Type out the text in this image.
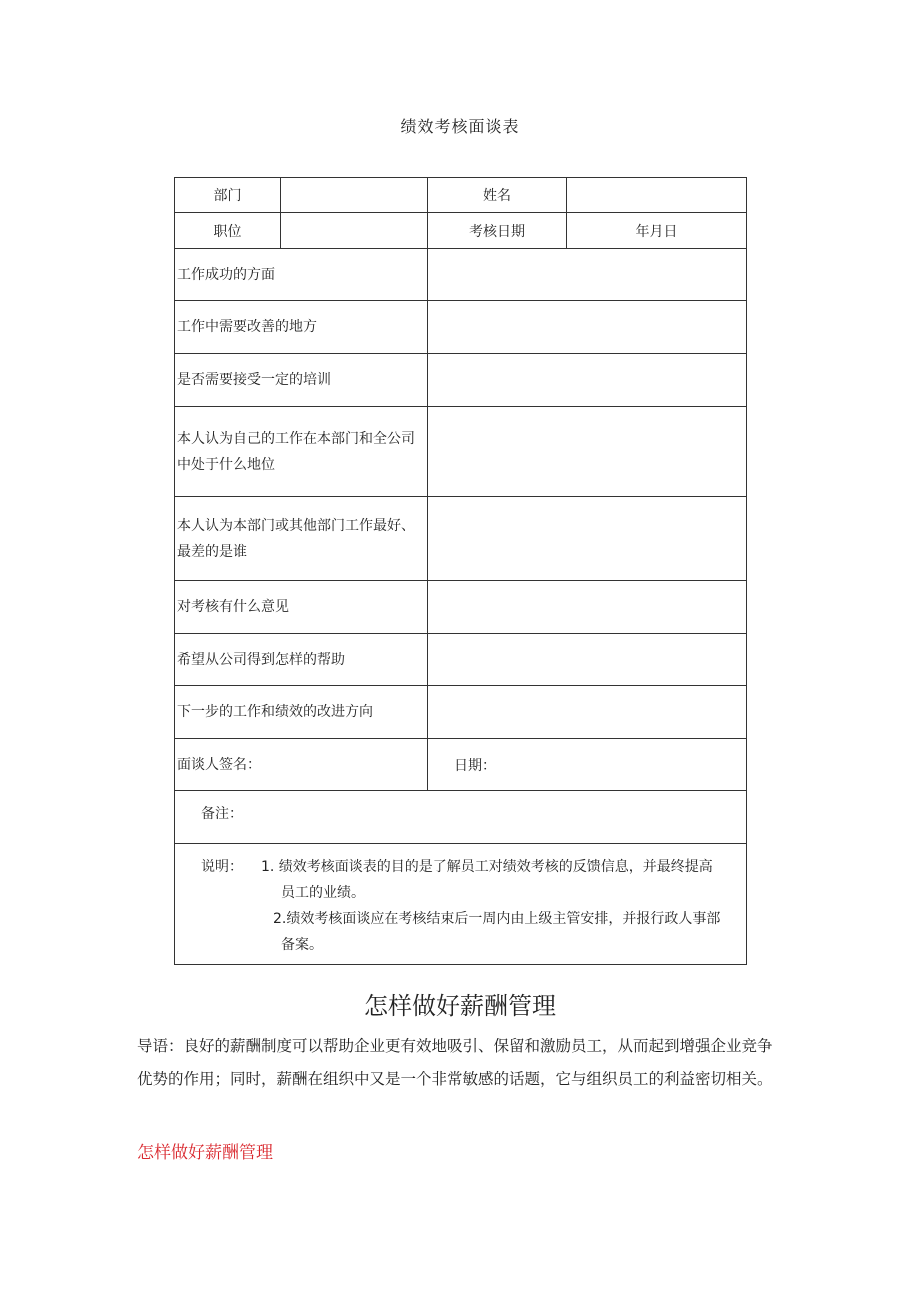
绩效考核面谈表
部门		姓名	
职位		考核日期	年月日
工作成功的方面			
工作中需要改善的地方			
是否需要接受一定的培训			
本人认为自己的工作在本部门和全公司中处于什么地位			
本人认为本部门或其他部门工作最好、最差的是谁			
对考核有什么意见			
希望从公司得到怎样的帮助			
下一步的工作和绩效的改进方向			
面谈人签名：		日期：	
备注：			

说明： 1. 绩效考核面谈表的目的是了解员工对绩效考核的反馈信息，并最终提高
员工的业绩。
2.绩效考核面谈应在考核结束后一周内由上级主管安排，并报行政人事部
备案。			
怎样做好薪酬管理
导语：良好的薪酬制度可以帮助企业更有效地吸引、保留和激励员工，从而起到增强企业竞争优势的作用；同时，薪酬在组织中又是一个非常敏感的话题，它与组织员工的利益密切相关。
怎样做好薪酬管理
